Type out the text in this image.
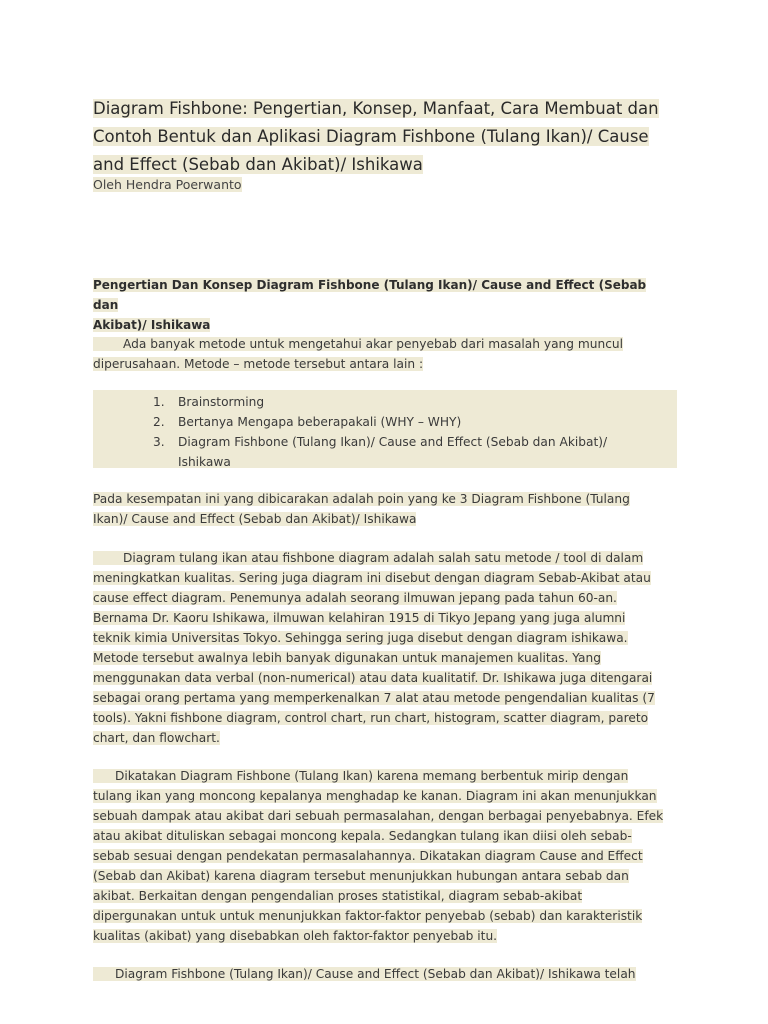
Diagram Fishbone: Pengertian, Konsep, Manfaat, Cara Membuat dan
Contoh Bentuk dan Aplikasi Diagram Fishbone (Tulang Ikan)/ Cause
and Effect (Sebab dan Akibat)/ Ishikawa
Oleh Hendra Poerwanto
Pengertian Dan Konsep Diagram Fishbone (Tulang Ikan)/ Cause and Effect (Sebab dan
Akibat)/ Ishikawa

Ada banyak metode untuk mengetahui akar penyebab dari masalah yang muncul
diperusahaan. Metode – metode tersebut antara lain :

1. Brainstorming
2. Bertanya Mengapa beberapakali (WHY – WHY)
3. Diagram Fishbone (Tulang Ikan)/ Cause and Effect (Sebab dan Akibat)/
Ishikawa

Pada kesempatan ini yang dibicarakan adalah poin yang ke 3 Diagram Fishbone (Tulang
Ikan)/ Cause and Effect (Sebab dan Akibat)/ Ishikawa

Diagram tulang ikan atau fishbone diagram adalah salah satu metode / tool di dalam
meningkatkan kualitas. Sering juga diagram ini disebut dengan diagram Sebab-Akibat atau
cause effect diagram. Penemunya adalah seorang ilmuwan jepang pada tahun 60-an.
Bernama Dr. Kaoru Ishikawa, ilmuwan kelahiran 1915 di Tikyo Jepang yang juga alumni
teknik kimia Universitas Tokyo. Sehingga sering juga disebut dengan diagram ishikawa.
Metode tersebut awalnya lebih banyak digunakan untuk manajemen kualitas. Yang
menggunakan data verbal (non-numerical) atau data kualitatif. Dr. Ishikawa juga ditengarai
sebagai orang pertama yang memperkenalkan 7 alat atau metode pengendalian kualitas (7
tools). Yakni fishbone diagram, control chart, run chart, histogram, scatter diagram, pareto
chart, dan flowchart.

Dikatakan Diagram Fishbone (Tulang Ikan) karena memang berbentuk mirip dengan
tulang ikan yang moncong kepalanya menghadap ke kanan. Diagram ini akan menunjukkan
sebuah dampak atau akibat dari sebuah permasalahan, dengan berbagai penyebabnya. Efek
atau akibat dituliskan sebagai moncong kepala. Sedangkan tulang ikan diisi oleh sebab-
sebab sesuai dengan pendekatan permasalahannya. Dikatakan diagram Cause and Effect
(Sebab dan Akibat) karena diagram tersebut menunjukkan hubungan antara sebab dan
akibat. Berkaitan dengan pengendalian proses statistikal, diagram sebab-akibat
dipergunakan untuk untuk menunjukkan faktor-faktor penyebab (sebab) dan karakteristik
kualitas (akibat) yang disebabkan oleh faktor-faktor penyebab itu.

Diagram Fishbone (Tulang Ikan)/ Cause and Effect (Sebab dan Akibat)/ Ishikawa telah
